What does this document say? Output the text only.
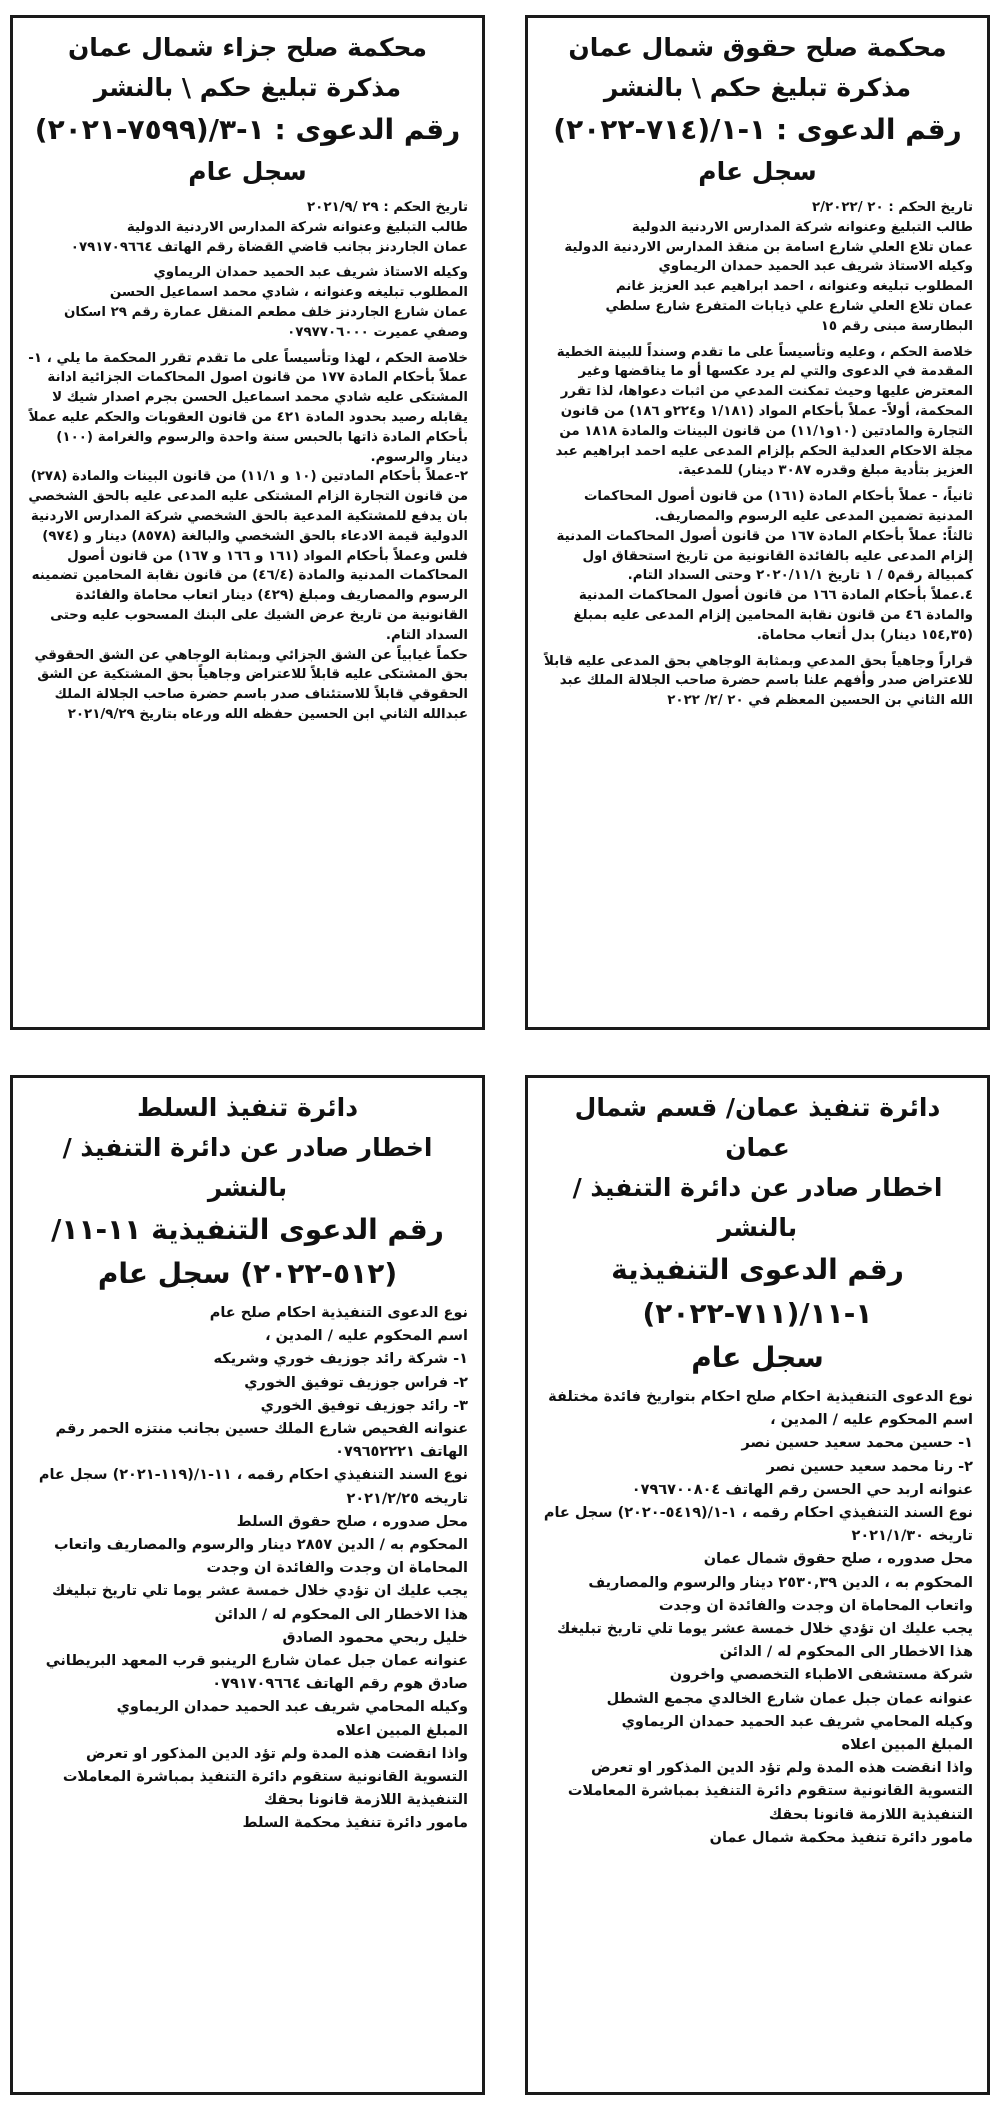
محكمة صلح حقوق شمال عمان

مذكرة تبليغ حكم \ بالنشر

رقم الدعوى : ١-١/(٧١٤-٢٠٢٢)

سجل عام

تاريخ الحكم : ٢٠ /٢/٢٠٢٢
طالب التبليغ وعنوانه شركة المدارس الاردنية الدولية
عمان تلاع العلي شارع اسامة بن منقذ المدارس الاردنية الدولية
وكيله الاستاذ شريف عبد الحميد حمدان الريماوي
المطلوب تبليغه وعنوانه ، احمد ابراهيم عبد العزيز غانم
عمان تلاع العلي شارع علي ذيابات المتفرع شارع سلطي البطارسة مبنى رقم ١٥
خلاصة الحكم ، وعليه وتأسيساً على ما تقدم وسنداً للبينة الخطية المقدمة في الدعوى والتي لم يرد عكسها أو ما يناقضها وغير المعترض عليها وحيث تمكنت المدعي من اثبات دعواها، لذا تقرر المحكمة، أولاً- عملاً بأحكام المواد (١/١٨١ و٢٢٤و ١٨٦) من قانون التجارة والمادتين (١٠و١١/١) من قانون البينات والمادة ١٨١٨ من مجلة الاحكام العدلية الحكم بإلزام المدعى عليه احمد ابراهيم عبد العزيز بتأدية مبلغ وقدره ٣٠٨٧ دينار) للمدعية.
ثانياً، - عملاً بأحكام المادة (١٦١) من قانون أصول المحاكمات المدنية تضمين المدعى عليه الرسوم والمصاريف.
ثالثاً: عملاً بأحكام المادة ١٦٧ من قانون أصول المحاكمات المدنية إلزام المدعى عليه بالفائدة القانونية من تاريخ استحقاق اول كمبيالة رقم٥ / ١ تاريخ ٢٠٢٠/١١/١ وحتى السداد التام.
٤.عملاً بأحكام المادة ١٦٦ من قانون أصول المحاكمات المدنية والمادة ٤٦ من قانون نقابة المحامين إلزام المدعى عليه بمبلغ (١٥٤,٣٥ دينار) بدل أتعاب محاماة.
قراراً وجاهياً بحق المدعي وبمثابة الوجاهي بحق المدعى عليه قابلاً للاعتراض صدر وأفهم علنا باسم حضرة صاحب الجلالة الملك عبد الله الثاني بن الحسين المعظم في ٢٠ /٢/ ٢٠٢٢

محكمة صلح جزاء شمال عمان

مذكرة تبليغ حكم \ بالنشر

رقم الدعوى : ١-٣/(٧٥٩٩-٢٠٢١)

سجل عام

تاريخ الحكم : ٢٩ /٢٠٢١/٩
طالب التبليغ وعنوانه شركة المدارس الاردنية الدولية
عمان الجاردنز بجانب قاضي القضاة رقم الهاتف ٠٧٩١٧٠٩٦٦٤
وكيله الاستاذ شريف عبد الحميد حمدان الريماوي
المطلوب تبليغه وعنوانه ، شادي محمد اسماعيل الحسن
عمان شارع الجاردنز خلف مطعم المنقل عمارة رقم ٢٩ اسكان وصفي عميرت ٠٧٩٧٧٠٦٠٠٠
خلاصة الحكم ، لهذا وتأسيساً على ما تقدم تقرر المحكمة ما يلي ، ١- عملاً بأحكام المادة ١٧٧ من قانون اصول المحاكمات الجزائية ادانة المشتكى عليه شادي محمد اسماعيل الحسن بجرم اصدار شيك لا يقابله رصيد بحدود المادة ٤٢١ من قانون العقوبات والحكم عليه عملاً بأحكام المادة ذاتها بالحبس سنة واحدة والرسوم والغرامة (١٠٠) دينار والرسوم.
٢-عملاً بأحكام المادتين (١٠ و ١١/١) من قانون البينات والمادة (٢٧٨) من قانون التجارة الزام المشتكى عليه المدعى عليه بالحق الشخصي بان يدفع للمشتكية المدعية بالحق الشخصي شركة المدارس الاردنية الدولية قيمة الادعاء بالحق الشخصي والبالغة (٨٥٧٨) دينار و (٩٧٤) فلس وعملاً بأحكام المواد (١٦١ و ١٦٦ و ١٦٧) من قانون أصول المحاكمات المدنية والمادة (٤٦/٤) من قانون نقابة المحامين تضمينه الرسوم والمصاريف ومبلغ (٤٢٩) دينار اتعاب محاماة والفائدة القانونية من تاريخ عرض الشيك على البنك المسحوب عليه وحتى السداد التام.
حكماً غيابياً عن الشق الجزائي وبمثابة الوجاهي عن الشق الحقوقي بحق المشتكى عليه قابلاً للاعتراض وجاهياً بحق المشتكية عن الشق الحقوقي قابلاً للاستئناف صدر باسم حضرة صاحب الجلالة الملك عبدالله الثاني ابن الحسين حفظه الله ورعاه بتاريخ ٢٠٢١/٩/٢٩

دائرة تنفيذ عمان/ قسم شمال عمان

اخطار صادر عن دائرة التنفيذ / بالنشر

رقم الدعوى التنفيذية ١-١١/(٧١١-٢٠٢٢)

سجل عام

نوع الدعوى التنفيذية احكام صلح احكام بتواريخ فائدة مختلفة
اسم المحكوم عليه / المدين ،
١- حسين محمد سعيد حسين نصر
٢- رنا محمد سعيد حسين نصر
عنوانه اربد حي الحسن رقم الهاتف ٠٧٩٦٧٠٠٨٠٤
نوع السند التنفيذي احكام رقمه ، ١-١/(٥٤١٩-٢٠٢٠) سجل عام تاريخه ٢٠٢١/١/٣٠
محل صدوره ، صلح حقوق شمال عمان
المحكوم به ، الدين ٢٥٣٠,٣٩ دينار والرسوم والمصاريف واتعاب المحاماة ان وجدت والفائدة ان وجدت
يجب عليك ان تؤدي خلال خمسة عشر يوما تلي تاريخ تبليغك هذا الاخطار الى المحكوم له / الدائن
شركة مستشفى الاطباء التخصصي واخرون
عنوانه عمان جبل عمان شارع الخالدي مجمع الشطل
وكيله المحامي شريف عبد الحميد حمدان الريماوي
المبلغ المبين اعلاه
واذا انقضت هذه المدة ولم تؤد الدين المذكور او تعرض التسوية القانونية ستقوم دائرة التنفيذ بمباشرة المعاملات التنفيذية اللازمة قانونا بحقك
مامور دائرة تنفيذ محكمة شمال عمان

دائرة تنفيذ السلط

اخطار صادر عن دائرة التنفيذ / بالنشر

رقم الدعوى التنفيذية ١١-١١/

(٥١٢-٢٠٢٢) سجل عام

نوع الدعوى التنفيذية احكام صلح عام
اسم المحكوم عليه / المدين ،
١- شركة رائد جوزيف خوري وشريكه
٢- فراس جوزيف توفيق الخوري
٣- رائد جوزيف توفيق الخوري
عنوانه الفحيص شارع الملك حسين بجانب منتزه الحمر رقم الهاتف ٠٧٩٦٥٢٢٢١
نوع السند التنفيذي احكام رقمه ، ١١-١/(١١٩-٢٠٢١) سجل عام تاريخه ٢٠٢١/٢/٢٥
محل صدوره ، صلح حقوق السلط
المحكوم به / الدين ٢٨٥٧ دينار والرسوم والمصاريف واتعاب المحاماة ان وجدت والفائدة ان وجدت
يجب عليك ان تؤدي خلال خمسة عشر يوما تلي تاريخ تبليغك هذا الاخطار الى المحكوم له / الدائن
خليل ربحي محمود الصادق
عنوانه عمان جبل عمان شارع الرينبو قرب المعهد البريطاني صادق هوم رقم الهاتف ٠٧٩١٧٠٩٦٦٤
وكيله المحامي شريف عبد الحميد حمدان الريماوي
المبلغ المبين اعلاه
واذا انقضت هذه المدة ولم تؤد الدين المذكور او تعرض التسوية القانونية ستقوم دائرة التنفيذ بمباشرة المعاملات التنفيذية اللازمة قانونا بحقك
مامور دائرة تنفيذ محكمة السلط
